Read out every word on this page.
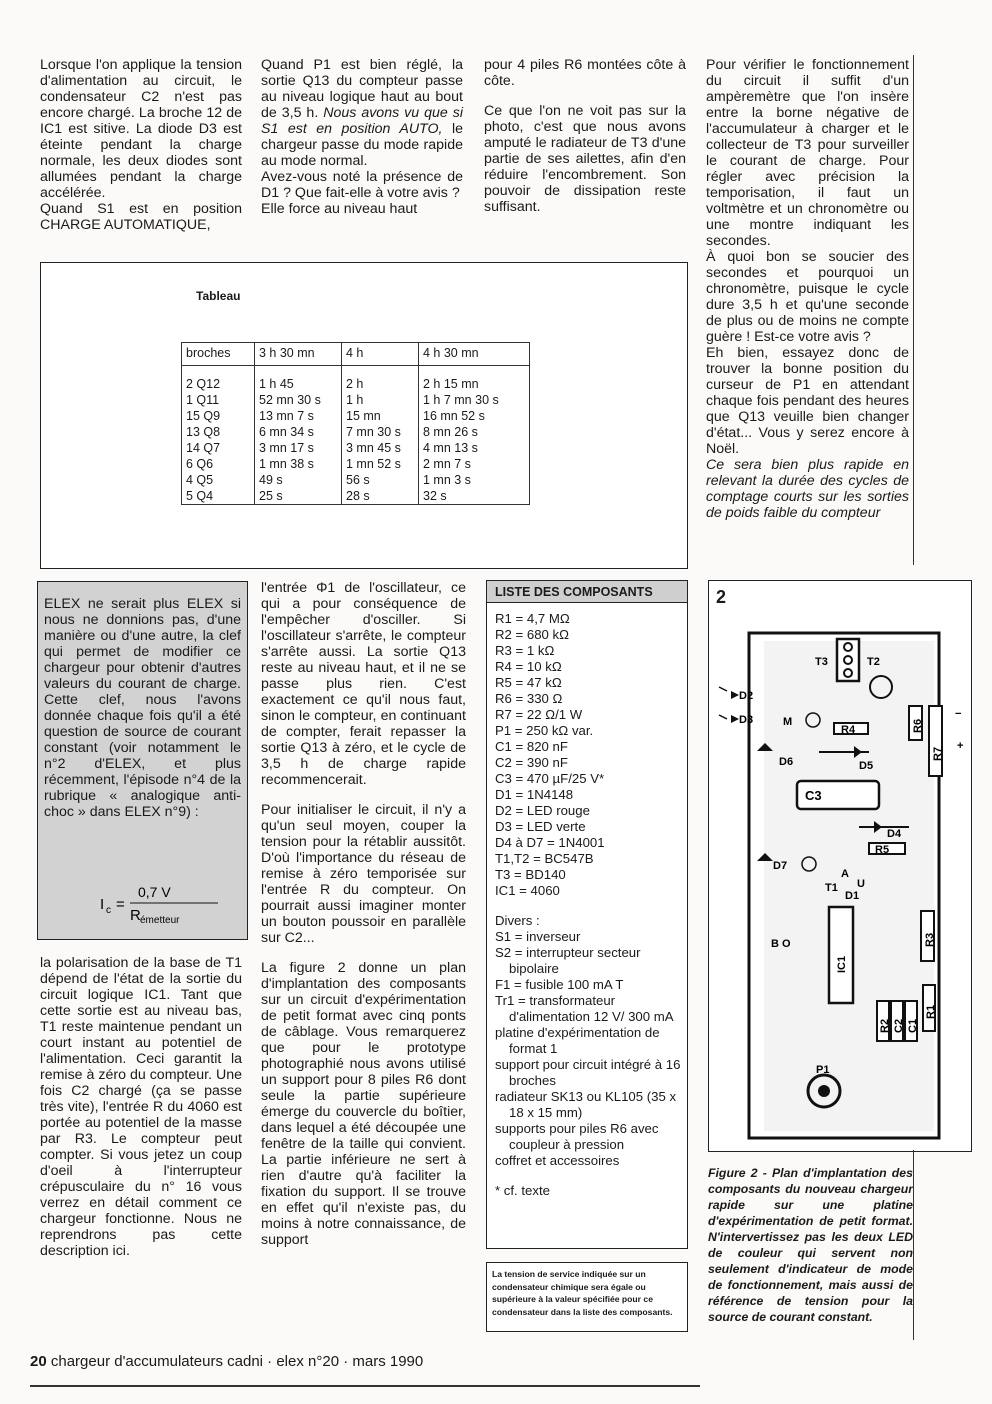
Lorsque l'on applique la tension d'alimentation au circuit, le condensateur C2 n'est pas encore chargé. La broche 12 de IC1 est sitive. La diode D3 est éteinte pendant la charge normale, les deux diodes sont allumées pendant la charge accélérée.

Quand S1 est en position CHARGE AUTOMATIQUE,

Quand P1 est bien réglé, la sortie Q13 du compteur passe au niveau logique haut au bout de 3,5 h. Nous avons vu que si S1 est en position AUTO, le chargeur passe du mode rapide au mode normal.

Avez-vous noté la présence de D1 ? Que fait-elle à votre avis ?

Elle force au niveau haut

pour 4 piles R6 montées côte à côte.

Ce que l'on ne voit pas sur la photo, c'est que nous avons amputé le radiateur de T3 d'une partie de ses ailettes, afin d'en réduire l'encombrement. Son pouvoir de dissipation reste suffisant.

Pour vérifier le fonctionnement du circuit il suffit d'un ampèremètre que l'on insère entre la borne négative de l'accumulateur à charger et le collecteur de T3 pour surveiller le courant de charge. Pour régler avec précision la temporisation, il faut un voltmètre et un chronomètre ou une montre indiquant les secondes.

À quoi bon se soucier des secondes et pourquoi un chronomètre, puisque le cycle dure 3,5 h et qu'une seconde de plus ou de moins ne compte guère ! Est-ce votre avis ?

Eh bien, essayez donc de trouver la bonne position du curseur de P1 en attendant chaque fois pendant des heures que Q13 veuille bien changer d'état... Vous y serez encore à Noël.

Ce sera bien plus rapide en relevant la durée des cycles de comptage courts sur les sorties de poids faible du compteur

Tableau
broches	3 h 30 mn	4 h	4 h 30 mn
2 Q12	1 h 45	2 h	2 h 15 mn
1 Q11	52 mn 30 s	1 h	1 h 7 mn 30 s
15 Q9	13 mn 7 s	15 mn	16 mn 52 s
13 Q8	6 mn 34 s	7 mn 30 s	8 mn 26 s
14 Q7	3 mn 17 s	3 mn 45 s	4 mn 13 s
6 Q6	1 mn 38 s	1 mn 52 s	2 mn 7 s
4 Q5	49 s	56 s	1 mn 3 s
5 Q4	25 s	28 s	32 s
ELEX ne serait plus ELEX si nous ne donnions pas, d'une manière ou d'une autre, la clef qui permet de modifier ce chargeur pour obtenir d'autres valeurs du courant de charge. Cette clef, nous l'avons donnée chaque fois qu'il a été question de source de courant constant (voir notamment le n°2 d'ELEX, et plus récemment, l'épisode n°4 de la rubrique « analogique anti-choc » dans ELEX n°9) :
I c =
0,7 V
R émetteur

la polarisation de la base de T1 dépend de l'état de la sortie du circuit logique IC1. Tant que cette sortie est au niveau bas, T1 reste maintenue pendant un court instant au potentiel de l'alimentation. Ceci garantit la remise à zéro du compteur. Une fois C2 chargé (ça se passe très vite), l'entrée R du 4060 est portée au potentiel de la masse par R3. Le compteur peut compter. Si vous jetez un coup d'oeil à l'interrupteur crépusculaire du n° 16 vous verrez en détail comment ce chargeur fonctionne. Nous ne reprendrons pas cette description ici.

l'entrée Φ1 de l'oscillateur, ce qui a pour conséquence de l'empêcher d'osciller. Si l'oscillateur s'arrête, le compteur s'arrête aussi. La sortie Q13 reste au niveau haut, et il ne se passe plus rien. C'est exactement ce qu'il nous faut, sinon le compteur, en continuant de compter, ferait repasser la sortie Q13 à zéro, et le cycle de 3,5 h de charge rapide recommencerait.

Pour initialiser le circuit, il n'y a qu'un seul moyen, couper la tension pour la rétablir aussitôt. D'où l'importance du réseau de remise à zéro temporisée sur l'entrée R du compteur. On pourrait aussi imaginer monter un bouton poussoir en parallèle sur C2...

La figure 2 donne un plan d'implantation des composants sur un circuit d'expérimentation de petit format avec cinq ponts de câblage. Vous remarquerez que pour le prototype photographié nous avons utilisé un support pour 8 piles R6 dont seule la partie supérieure émerge du couvercle du boîtier, dans lequel a été découpée une fenêtre de la taille qui convient. La partie inférieure ne sert à rien d'autre qu'à faciliter la fixation du support. Il se trouve en effet qu'il n'existe pas, du moins à notre connaissance, de support

LISTE DES COMPOSANTS
R1 = 4,7 MΩ
R2 = 680 kΩ
R3 = 1 kΩ
R4 = 10 kΩ
R5 = 47 kΩ
R6 = 330 Ω
R7 = 22 Ω/1 W
P1 = 250 kΩ var.
C1 = 820 nF
C2 = 390 nF
C3 = 470 µF/25 V*
D1 = 1N4148
D2 = LED rouge
D3 = LED verte
D4 à D7 = 1N4001
T1,T2 = BC547B
T3 = BD140
IC1 = 4060
Divers :
S1 = inverseur
S2 = interrupteur secteur bipolaire
F1 = fusible 100 mA T
Tr1 = transformateur d'alimentation 12 V/ 300 mA
platine d'expérimentation de format 1
support pour circuit intégré à 16 broches
radiateur SK13 ou KL105 (35 x 18 x 15 mm)
supports pour piles R6 avec coupleur à pression
coffret et accessoires
* cf. texte
La tension de service indiquée sur un condensateur chimique sera égale ou supérieure à la valeur spécifiée pour ce condensateur dans la liste des composants.
2
T3	T2
D2
D3	M
R4	R6
R7
−
+
D6	D5
C3
D4
R5
D7
A
U
T1
D1
IC1
B O	R3
R2 C2 C1
R1
P1
Figure 2 - Plan d'implantation des composants du nouveau chargeur rapide sur une platine d'expérimentation de petit format. N'intervertissez pas les deux LED de couleur qui servent non seulement d'indicateur de mode de fonctionnement, mais aussi de référence de tension pour la source de courant constant.
20 chargeur d'accumulateurs cadni · elex n°20 · mars 1990
